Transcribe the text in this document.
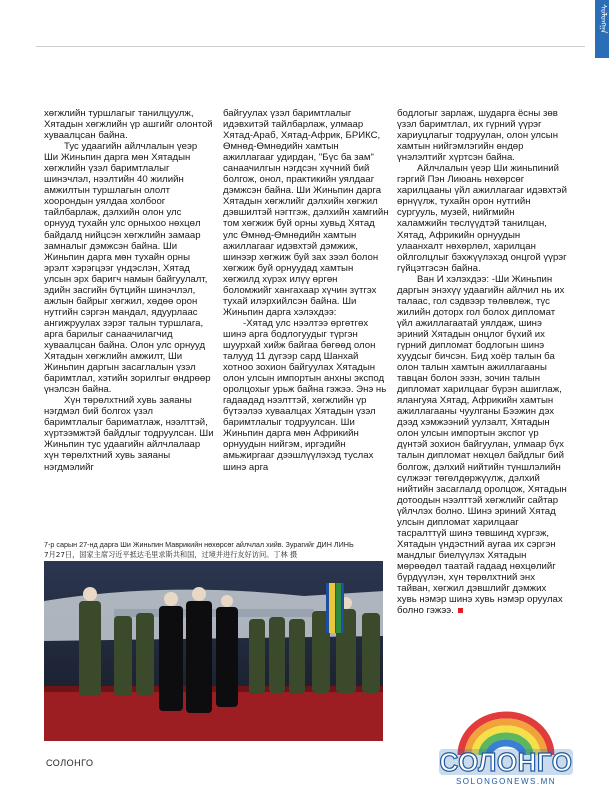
ᠰᠣᠯᠣᠩᠭᠠ

хөгжлийн туршлагыг танилцуулж, Хятадын хөгжлийн үр ашгийг олонтой хуваалцсан байна.

Тус удаагийн айлчлалын үеэр Ши Жиньпин дарга мөн Хятадын хөгжлийн үзэл баримтлалыг шинэчлэл, нээлтийн 40 жилийн амжилтын туршлагын ололт хоорондын уялдаа холбоог тайлбарлаж, дэлхийн олон улс орнууд тухайн улс орныхоо нөхцөл байдалд нийцсэн хөгжлийн замаар замналыг дэмжсэн байна. Ши Жиньпин дарга мөн тухайн орны эрэлт хэрэгцээг үндэслэн, Хятад улсын эрх баригч намын байгуулалт, эдийн засгийн бүтцийн шинэчлэл, ажлын байрыг хөгжил, хөдөө орон нутгийн сэргэн мандал, ядуурлаас ангижруулах зэрэг талын туршлага, арга барилыг санаачилагчид хуваалцсан байна. Олон улс орнууд Хятадын хөгжлийн амжилт, Ши Жиньпин даргын засаглалын үзэл баримтлал, хэтийн зорилгыг өндрөөр үнэлсэн байна.

Хүн төрөлхтний хувь заяаны нэгдмэл бий болгох үзэл баримтлалыг бариматлаж, нээлттэй, хүртээмжтэй байдлыг тодруулсан. Ши Жиньпин тус удаагийн айлчлалаар хүн төрөлхтний хувь заяаны нэгдмэлийг

байгуулах үзэл баримтлалыг идэвхитэй тайлбарлаж, улмаар Хятад-Араб, Хятад-Африк, БРИКС, Өмнөд-Өмнөдийн хамтын ажиллагааг удирдан, "Бүс ба зам" санаачилгын нэгдсэн хүчний бий болгож, онол, практикийн уялдааг дэмжсэн байна. Ши Жиньпин дарга Хятадын хөгжлийг дэлхийн хөгжил дэвшилтэй нэгтгэж, дэлхийн хамгийн том хөгжиж буй орны хувьд Хятад улс Өмнөд-Өмнөдийн хамтын ажиллагааг идэвхтэй дэмжиж, шинээр хөгжиж буй зах зээл болон хөгжиж буй орнуудад хамтын хөгжилд хүрэх илүү өргөн боломжийг хангахаар хүчин зүтгэх тухай илэрхийлсэн байна. Ши Жиньпин дарга хэлэхдээ:

-Хятад улс нээлтээ өргөтгөх шинэ арга бодлогуудыг түргэн шуурхай хийж байгаа бөгөөд олон талууд 11 дүгээр сард Шанхай хотноо зохион байгуулах Хятадын олон улсын импортын анхны экспод оролцохыг урьж байна гэжээ. Энэ нь гадаадад нээлттэй, хөгжлийн үр бүтээлээ хуваалцах Хятадын үзэл баримтлалыг тодруулсан. Ши Жиньпин дарга мөн Африкийн орнуудын нийгэм, иргэдийн амьжиргааг дээшлүүлэхэд туслах шинэ арга

бодлогыг зарлаж, шударга ёсны зөв үзэл баримтлал, их гүрний үүрэг хариуцлагыг тодруулан, олон улсын хамтын нийгэмлэгийн өндөр үнэлэлтийг хүртсэн байна.

Айлчлалын үеэр Ши жиньпиний гэргий Пэн Лиюань нөхөрсөг харилцааны үйл ажиллагааг идэвхтэй өрнүүлж, тухайн орон нутгийн сургууль, музей, нийгмийн халамжийн төслүүдтэй танилцан, Хятад, Африкийн орнуудын улаанхалт нөхөрлөл, харилцан ойлголцлыг бэхжүүлэхэд онцгой үүрэг гүйцэтгэсэн байна.

Ван И хэлэхдээ: -Ши Жиньпин даргын энэхүү удаагийн айлчил нь их талаас, гол сэдвээр төлөвлөж, түс жилийн доторх гол болох дипломат үйл ажиллагаатай уялдаж, шинэ эриний Хятадын онцлог бүхий их гүрний дипломат бодлогын шинэ хуудсыг бичсэн. Бид хоёр талын ба олон талын хамтын ажиллагааны тавцан болон ээзн, зочин талын дипломат харилцааг бүрэн ашиглаж, ялангуяа Хятад, Африкийн хамтын ажиллагааны чуулганы Бээжин дэх дээд хэмжээний уулзалт, Хятадын олон улсын импортын экспог үр дүнтэй зохион байгуулан, улмаар бүх талын дипломат нөхцөл байдлыг бий болгож, дэлхий нийтийн түншлэлийн сүлжээг төгөлдөржүүлж, дэлхий нийтийн засаглалд оролцож, Хятадын дотоодын нээлттэй хөгжлийг сайтар үйлчлэх болно. Шинэ эриний Хятад улсын дипломат харилцааг тасралттүй шинэ төвшинд хүргэж, Хятадын үндэстний аугаа их сэргэн мандлыг биелүүлэх Хятадын мөрөөдөл таатай гадаад нөхцөлийг бүрдүүлэн, хүн төрөлхтний энх тайван, хөгжил дэвшлийг дэмжих хувь нэмэр шинэ хувь нэмэр оруулах болно гэжээ.

7-р сарын 27-нд дарга Ши Жиньпин Маврикийн нөхөрсөг айлчлал хийв. Зурагийг ДИН ЛИНЬ
7月27日，国家主席习近平抵达毛里求斯共和国，过境并进行友好访问。丁林 摄
СОЛОНГО	СОЛОНГО
SOLONGONEWS.MN
